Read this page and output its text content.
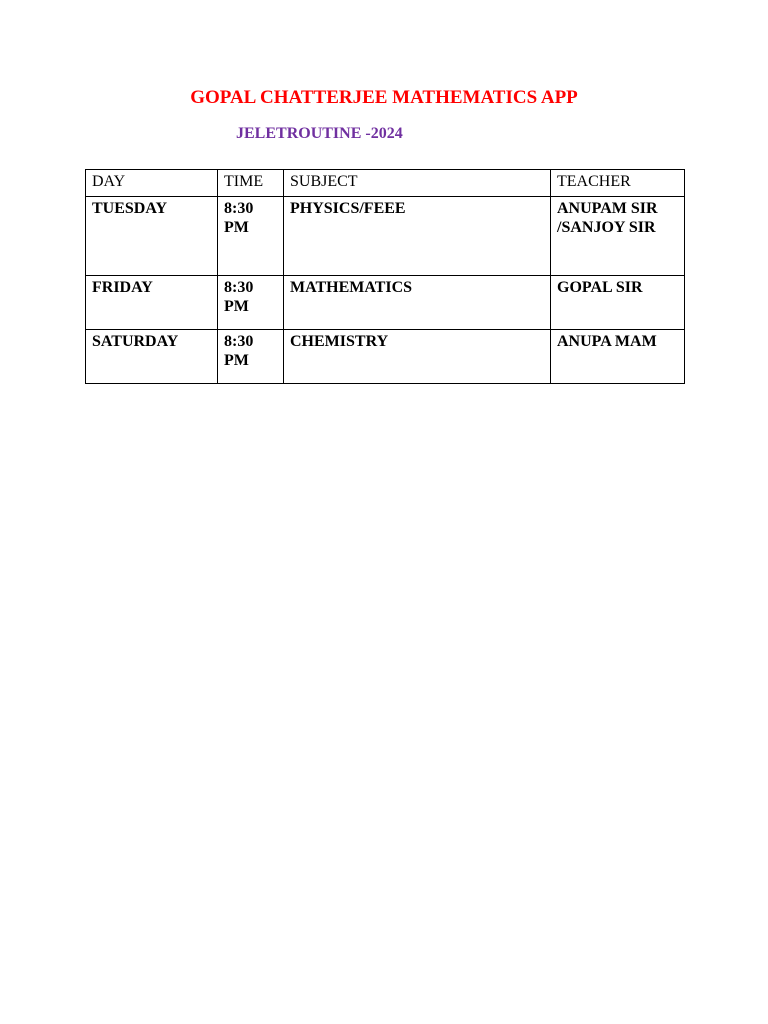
GOPAL CHATTERJEE MATHEMATICS APP
JELETROUTINE -2024
DAY	TIME	SUBJECT	TEACHER
TUESDAY	8:30 PM	PHYSICS/FEEE	ANUPAM SIR /SANJOY SIR
FRIDAY	8:30 PM	MATHEMATICS	GOPAL SIR
SATURDAY	8:30 PM	CHEMISTRY	ANUPA MAM
